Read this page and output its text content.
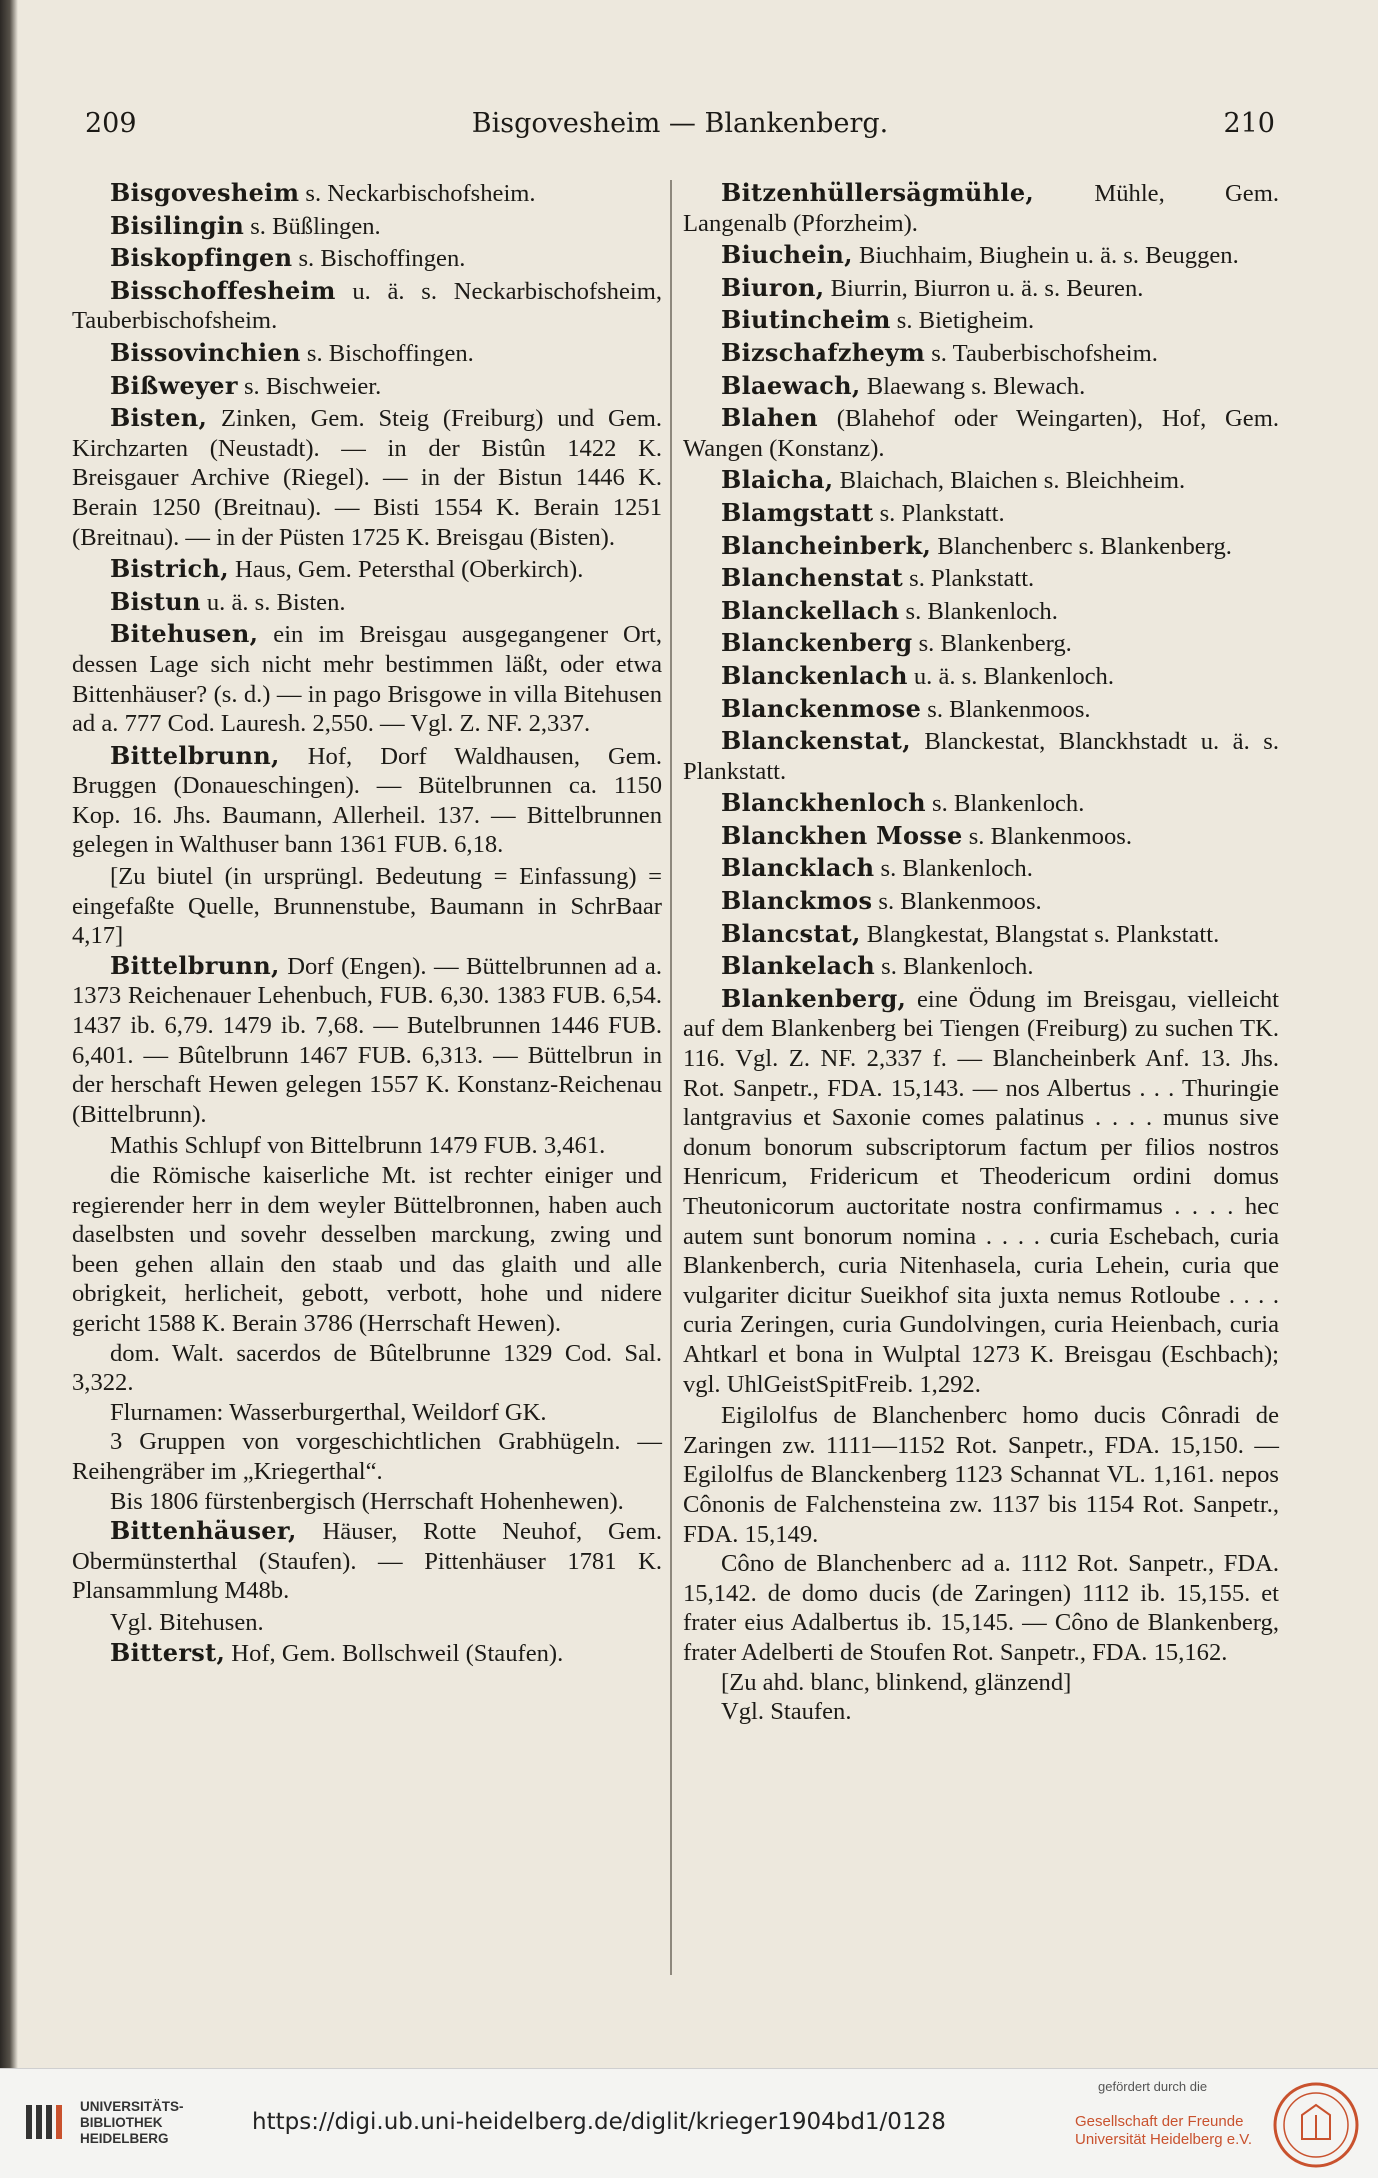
209	Bisgovesheim — Blankenberg.	210

Bisgovesheim s. Neckarbischofsheim.

Bisilingin s. Büßlingen.

Biskopfingen s. Bischoffingen.

Bisschoffesheim u. ä. s. Neckarbischofsheim, Tauberbischofsheim.

Bissovinchien s. Bischoffingen.

Bißweyer s. Bischweier.

Bisten, Zinken, Gem. Steig (Freiburg) und Gem. Kirchzarten (Neustadt). — in der Bistûn 1422 K. Breisgauer Archive (Riegel). — in der Bistun 1446 K. Berain 1250 (Breitnau). — Bisti 1554 K. Berain 1251 (Breitnau). — in der Püsten 1725 K. Breisgau (Bisten).

Bistrich, Haus, Gem. Petersthal (Oberkirch).

Bistun u. ä. s. Bisten.

Bitehusen, ein im Breisgau ausgegangener Ort, dessen Lage sich nicht mehr bestimmen läßt, oder etwa Bittenhäuser? (s. d.) — in pago Brisgowe in villa Bitehusen ad a. 777 Cod. Lauresh. 2,550. — Vgl. Z. NF. 2,337.

Bittelbrunn, Hof, Dorf Waldhausen, Gem. Bruggen (Donaueschingen). — Bütelbrunnen ca. 1150 Kop. 16. Jhs. Baumann, Allerheil. 137. — Bittelbrunnen gelegen in Walthuser bann 1361 FUB. 6,18.

[Zu biutel (in ursprüngl. Bedeutung = Einfassung) = eingefaßte Quelle, Brunnenstube, Baumann in SchrBaar 4,17]

Bittelbrunn, Dorf (Engen). — Büttelbrunnen ad a. 1373 Reichenauer Lehenbuch, FUB. 6,30. 1383 FUB. 6,54. 1437 ib. 6,79. 1479 ib. 7,68. — Butelbrunnen 1446 FUB. 6,401. — Bûtelbrunn 1467 FUB. 6,313. — Büttelbrun in der herschaft Hewen gelegen 1557 K. Konstanz-Reichenau (Bittelbrunn).

Mathis Schlupf von Bittelbrunn 1479 FUB. 3,461.

die Römische kaiserliche Mt. ist rechter einiger und regierender herr in dem weyler Büttelbronnen, haben auch daselbsten und sovehr desselben marckung, zwing und been gehen allain den staab und das glaith und alle obrigkeit, herlicheit, gebott, verbott, hohe und nidere gericht 1588 K. Berain 3786 (Herrschaft Hewen).

dom. Walt. sacerdos de Bûtelbrunne 1329 Cod. Sal. 3,322.

Flurnamen: Wasserburgerthal, Weildorf GK.

3 Gruppen von vorgeschichtlichen Grabhügeln. — Reihengräber im „Kriegerthal“.

Bis 1806 fürstenbergisch (Herrschaft Hohenhewen).

Bittenhäuser, Häuser, Rotte Neuhof, Gem. Obermünsterthal (Staufen). — Pittenhäuser 1781 K. Plansammlung M48b.

Vgl. Bitehusen.

Bitterst, Hof, Gem. Bollschweil (Staufen).

Bitzenhüllersägmühle, Mühle, Gem. Langenalb (Pforzheim).

Biuchein, Biuchhaim, Biughein u. ä. s. Beuggen.

Biuron, Biurrin, Biurron u. ä. s. Beuren.

Biutincheim s. Bietigheim.

Bizschafzheym s. Tauberbischofsheim.

Blaewach, Blaewang s. Blewach.

Blahen (Blahehof oder Weingarten), Hof, Gem. Wangen (Konstanz).

Blaicha, Blaichach, Blaichen s. Bleichheim.

Blamgstatt s. Plankstatt.

Blancheinberk, Blanchenberc s. Blankenberg.

Blanchenstat s. Plankstatt.

Blanckellach s. Blankenloch.

Blanckenberg s. Blankenberg.

Blanckenlach u. ä. s. Blankenloch.

Blanckenmose s. Blankenmoos.

Blanckenstat, Blanckestat, Blanckhstadt u. ä. s. Plankstatt.

Blanckhenloch s. Blankenloch.

Blanckhen Mosse s. Blankenmoos.

Blancklach s. Blankenloch.

Blanckmos s. Blankenmoos.

Blancstat, Blangkestat, Blangstat s. Plankstatt.

Blankelach s. Blankenloch.

Blankenberg, eine Ödung im Breisgau, vielleicht auf dem Blankenberg bei Tiengen (Freiburg) zu suchen TK. 116. Vgl. Z. NF. 2,337 f. — Blancheinberk Anf. 13. Jhs. Rot. Sanpetr., FDA. 15,143. — nos Albertus . . . Thuringie lantgravius et Saxonie comes palatinus . . . . munus sive donum bonorum subscriptorum factum per filios nostros Henricum, Fridericum et Theodericum ordini domus Theutonicorum auctoritate nostra confirmamus . . . . hec autem sunt bonorum nomina . . . . curia Eschebach, curia Blankenberch, curia Nitenhasela, curia Lehein, curia que vulgariter dicitur Sueikhof sita juxta nemus Rotloube . . . . curia Zeringen, curia Gundolvingen, curia Heienbach, curia Ahtkarl et bona in Wulptal 1273 K. Breisgau (Eschbach); vgl. UhlGeistSpitFreib. 1,292.

Eigilolfus de Blanchenberc homo ducis Cônradi de Zaringen zw. 1111—1152 Rot. Sanpetr., FDA. 15,150. — Egilolfus de Blanckenberg 1123 Schannat VL. 1,161. nepos Cônonis de Falchensteina zw. 1137 bis 1154 Rot. Sanpetr., FDA. 15,149.

Côno de Blanchenberc ad a. 1112 Rot. Sanpetr., FDA. 15,142. de domo ducis (de Zaringen) 1112 ib. 15,155. et frater eius Adalbertus ib. 15,145. — Côno de Blankenberg, frater Adelberti de Stoufen Rot. Sanpetr., FDA. 15,162.

[Zu ahd. blanc, blinkend, glänzend]

Vgl. Staufen.

UNIVERSITÄTS-
BIBLIOTHEK
HEIDELBERG
https://digi.ub.uni-heidelberg.de/diglit/krieger1904bd1/0128
gefördert durch die
Gesellschaft der Freunde
Universität Heidelberg e.V.
